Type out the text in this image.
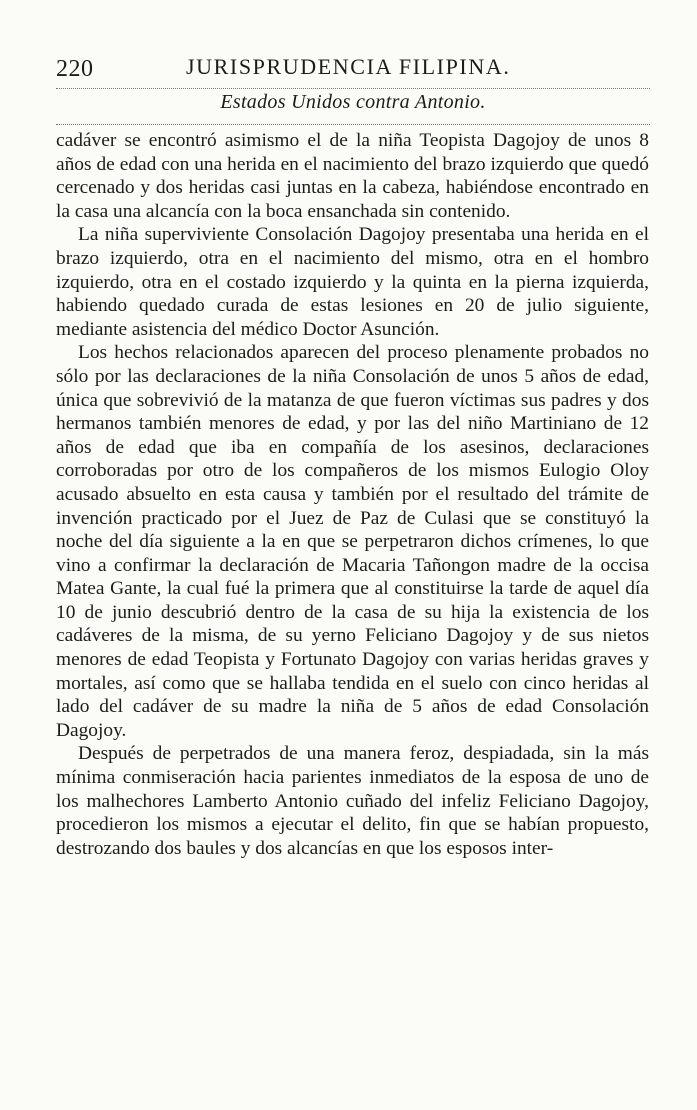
220	JURISPRUDENCIA FILIPINA.
Estados Unidos contra Antonio.

cadáver se encontró asimismo el de la niña Teopista Dagojoy de unos 8 años de edad con una herida en el nacimiento del brazo izquierdo que quedó cercenado y dos heridas casi juntas en la cabeza, habiéndose encontrado en la casa una alcancía con la boca ensanchada sin contenido.

La niña superviviente Consolación Dagojoy presentaba una herida en el brazo izquierdo, otra en el nacimiento del mismo, otra en el hombro izquierdo, otra en el costado izquierdo y la quinta en la pierna izquierda, habiendo quedado curada de estas lesiones en 20 de julio siguiente, mediante asistencia del médico Doctor Asunción.

Los hechos relacionados aparecen del proceso plenamente probados no sólo por las declaraciones de la niña Consolación de unos 5 años de edad, única que sobrevivió de la matanza de que fueron víctimas sus padres y dos hermanos también menores de edad, y por las del niño Martiniano de 12 años de edad que iba en compañía de los asesinos, declaraciones corroboradas por otro de los compañeros de los mismos Eulogio Oloy acusado absuelto en esta causa y también por el resultado del trámite de invención practicado por el Juez de Paz de Culasi que se constituyó la noche del día siguiente a la en que se perpetraron dichos crímenes, lo que vino a confirmar la declaración de Macaria Tañongon madre de la occisa Matea Gante, la cual fué la primera que al constituirse la tarde de aquel día 10 de junio descubrió dentro de la casa de su hija la existencia de los cadáveres de la misma, de su yerno Feliciano Dagojoy y de sus nietos menores de edad Teopista y Fortunato Dagojoy con varias heridas graves y mortales, así como que se hallaba tendida en el suelo con cinco heridas al lado del cadáver de su madre la niña de 5 años de edad Consolación Dagojoy.

Después de perpetrados de una manera feroz, despiadada, sin la más mínima conmiseración hacia parientes inmediatos de la esposa de uno de los malhechores Lamberto Antonio cuñado del infeliz Feliciano Dagojoy, procedieron los mismos a ejecutar el delito, fin que se habían propuesto, destrozando dos baules y dos alcancías en que los esposos inter-
